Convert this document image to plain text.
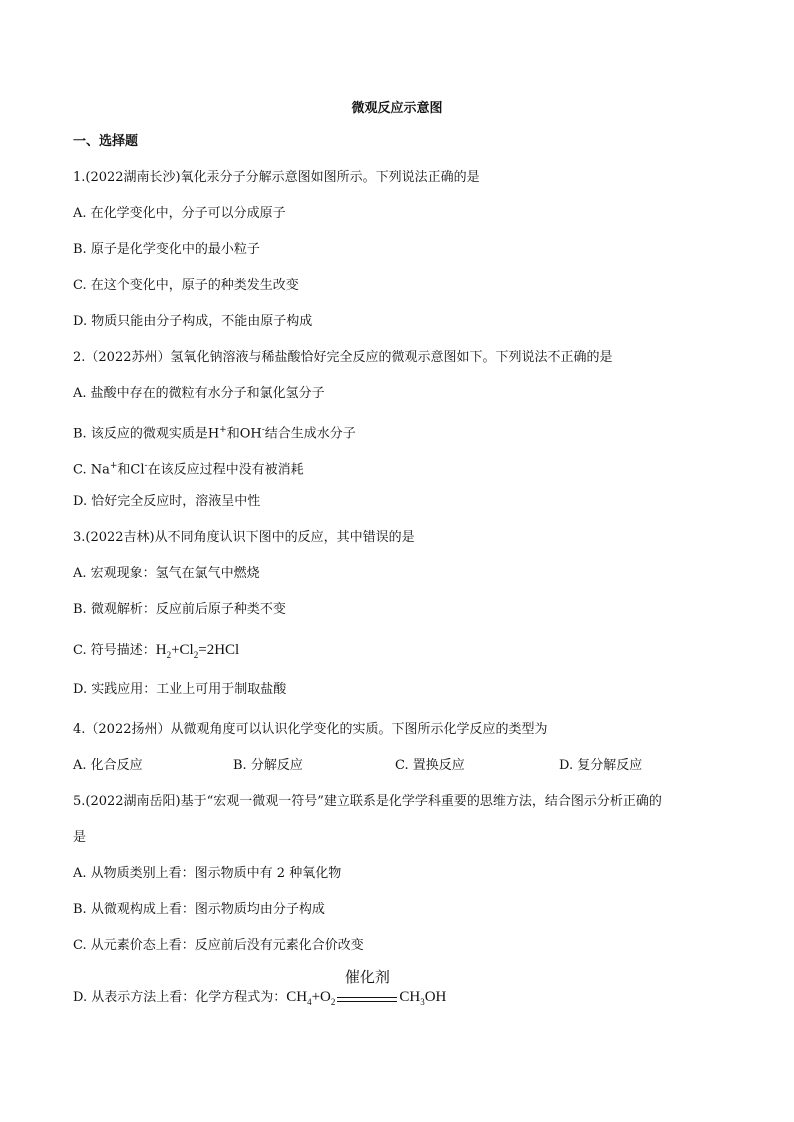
微观反应示意图
一、选择题
1.(2022湖南长沙)氧化汞分子分解示意图如图所示。下列说法正确的是
A. 在化学变化中，分子可以分成原子
B. 原子是化学变化中的最小粒子
C. 在这个变化中，原子的种类发生改变
D. 物质只能由分子构成，不能由原子构成
2.（2022苏州）氢氧化钠溶液与稀盐酸恰好完全反应的微观示意图如下。下列说法不正确的是
A. 盐酸中存在的微粒有水分子和氯化氢分子
B. 该反应的微观实质是H+和OH-结合生成水分子
C. Na+和Cl-在该反应过程中没有被消耗
D. 恰好完全反应时，溶液呈中性
3.(2022吉林)从不同角度认识下图中的反应，其中错误的是
A. 宏观现象：氢气在氯气中燃烧
B. 微观解析：反应前后原子种类不变
C. 符号描述：$H_2+Cl_2=2HCl$
D. 实践应用：工业上可用于制取盐酸
4.（2022扬州）从微观角度可以认识化学变化的实质。下图所示化学反应的类型为
A. 化合反应	B. 分解反应	C. 置换反应	D. 复分解反应
5.(2022湖南岳阳)基于“宏观一微观一符号”建立联系是化学学科重要的思维方法，结合图示分析正确的
是
A. 从物质类别上看：图示物质中有 2 种氧化物
B. 从微观构成上看：图示物质均由分子构成
C. 从元素价态上看：反应前后没有元素化合价改变
D. 从表示方法上看：化学方程式为：$CH_4+O_2$
催化剂
$CH_3OH$
